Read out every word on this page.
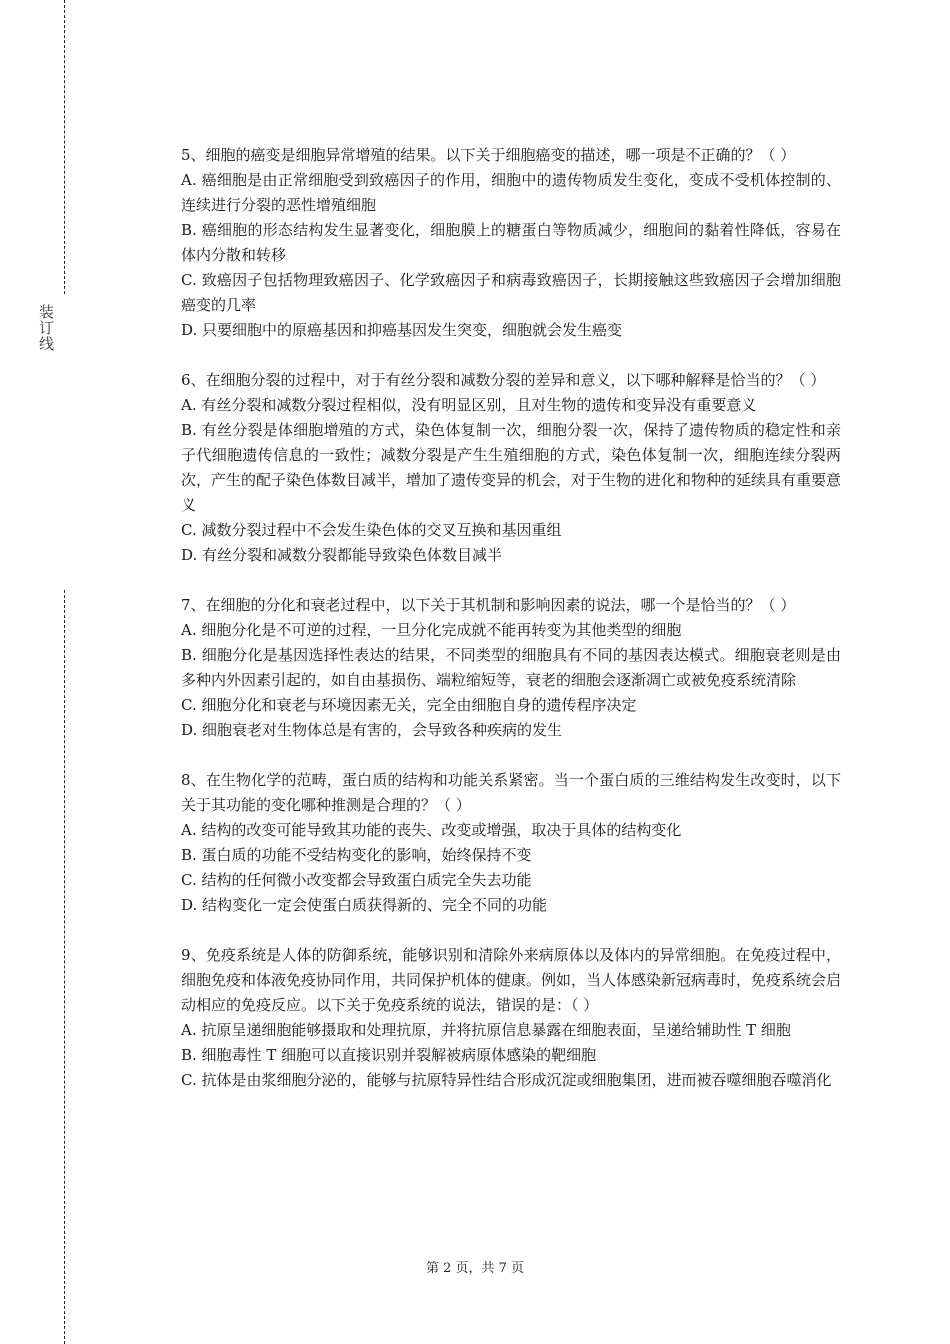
装订线

5、细胞的癌变是细胞异常增殖的结果。以下关于细胞癌变的描述，哪一项是不正确的？（ ）

A. 癌细胞是由正常细胞受到致癌因子的作用，细胞中的遗传物质发生变化，变成不受机体控制的、连续进行分裂的恶性增殖细胞

B. 癌细胞的形态结构发生显著变化，细胞膜上的糖蛋白等物质减少，细胞间的黏着性降低，容易在体内分散和转移

C. 致癌因子包括物理致癌因子、化学致癌因子和病毒致癌因子，长期接触这些致癌因子会增加细胞癌变的几率

D. 只要细胞中的原癌基因和抑癌基因发生突变，细胞就会发生癌变

6、在细胞分裂的过程中，对于有丝分裂和减数分裂的差异和意义，以下哪种解释是恰当的？（ ）

A. 有丝分裂和减数分裂过程相似，没有明显区别，且对生物的遗传和变异没有重要意义

B. 有丝分裂是体细胞增殖的方式，染色体复制一次，细胞分裂一次，保持了遗传物质的稳定性和亲子代细胞遗传信息的一致性；减数分裂是产生生殖细胞的方式，染色体复制一次，细胞连续分裂两次，产生的配子染色体数目减半，增加了遗传变异的机会，对于生物的进化和物种的延续具有重要意义

C. 减数分裂过程中不会发生染色体的交叉互换和基因重组

D. 有丝分裂和减数分裂都能导致染色体数目减半

7、在细胞的分化和衰老过程中，以下关于其机制和影响因素的说法，哪一个是恰当的？（ ）

A. 细胞分化是不可逆的过程，一旦分化完成就不能再转变为其他类型的细胞

B. 细胞分化是基因选择性表达的结果，不同类型的细胞具有不同的基因表达模式。细胞衰老则是由多种内外因素引起的，如自由基损伤、端粒缩短等，衰老的细胞会逐渐凋亡或被免疫系统清除

C. 细胞分化和衰老与环境因素无关，完全由细胞自身的遗传程序决定

D. 细胞衰老对生物体总是有害的，会导致各种疾病的发生

8、在生物化学的范畴，蛋白质的结构和功能关系紧密。当一个蛋白质的三维结构发生改变时，以下关于其功能的变化哪种推测是合理的？（ ）

A. 结构的改变可能导致其功能的丧失、改变或增强，取决于具体的结构变化

B. 蛋白质的功能不受结构变化的影响，始终保持不变

C. 结构的任何微小改变都会导致蛋白质完全失去功能

D. 结构变化一定会使蛋白质获得新的、完全不同的功能

9、免疫系统是人体的防御系统，能够识别和清除外来病原体以及体内的异常细胞。在免疫过程中，细胞免疫和体液免疫协同作用，共同保护机体的健康。例如，当人体感染新冠病毒时，免疫系统会启动相应的免疫反应。以下关于免疫系统的说法，错误的是：（ ）

A. 抗原呈递细胞能够摄取和处理抗原，并将抗原信息暴露在细胞表面，呈递给辅助性 T 细胞

B. 细胞毒性 T 细胞可以直接识别并裂解被病原体感染的靶细胞

C. 抗体是由浆细胞分泌的，能够与抗原特异性结合形成沉淀或细胞集团，进而被吞噬细胞吞噬消化

第 2 页，共 7 页
